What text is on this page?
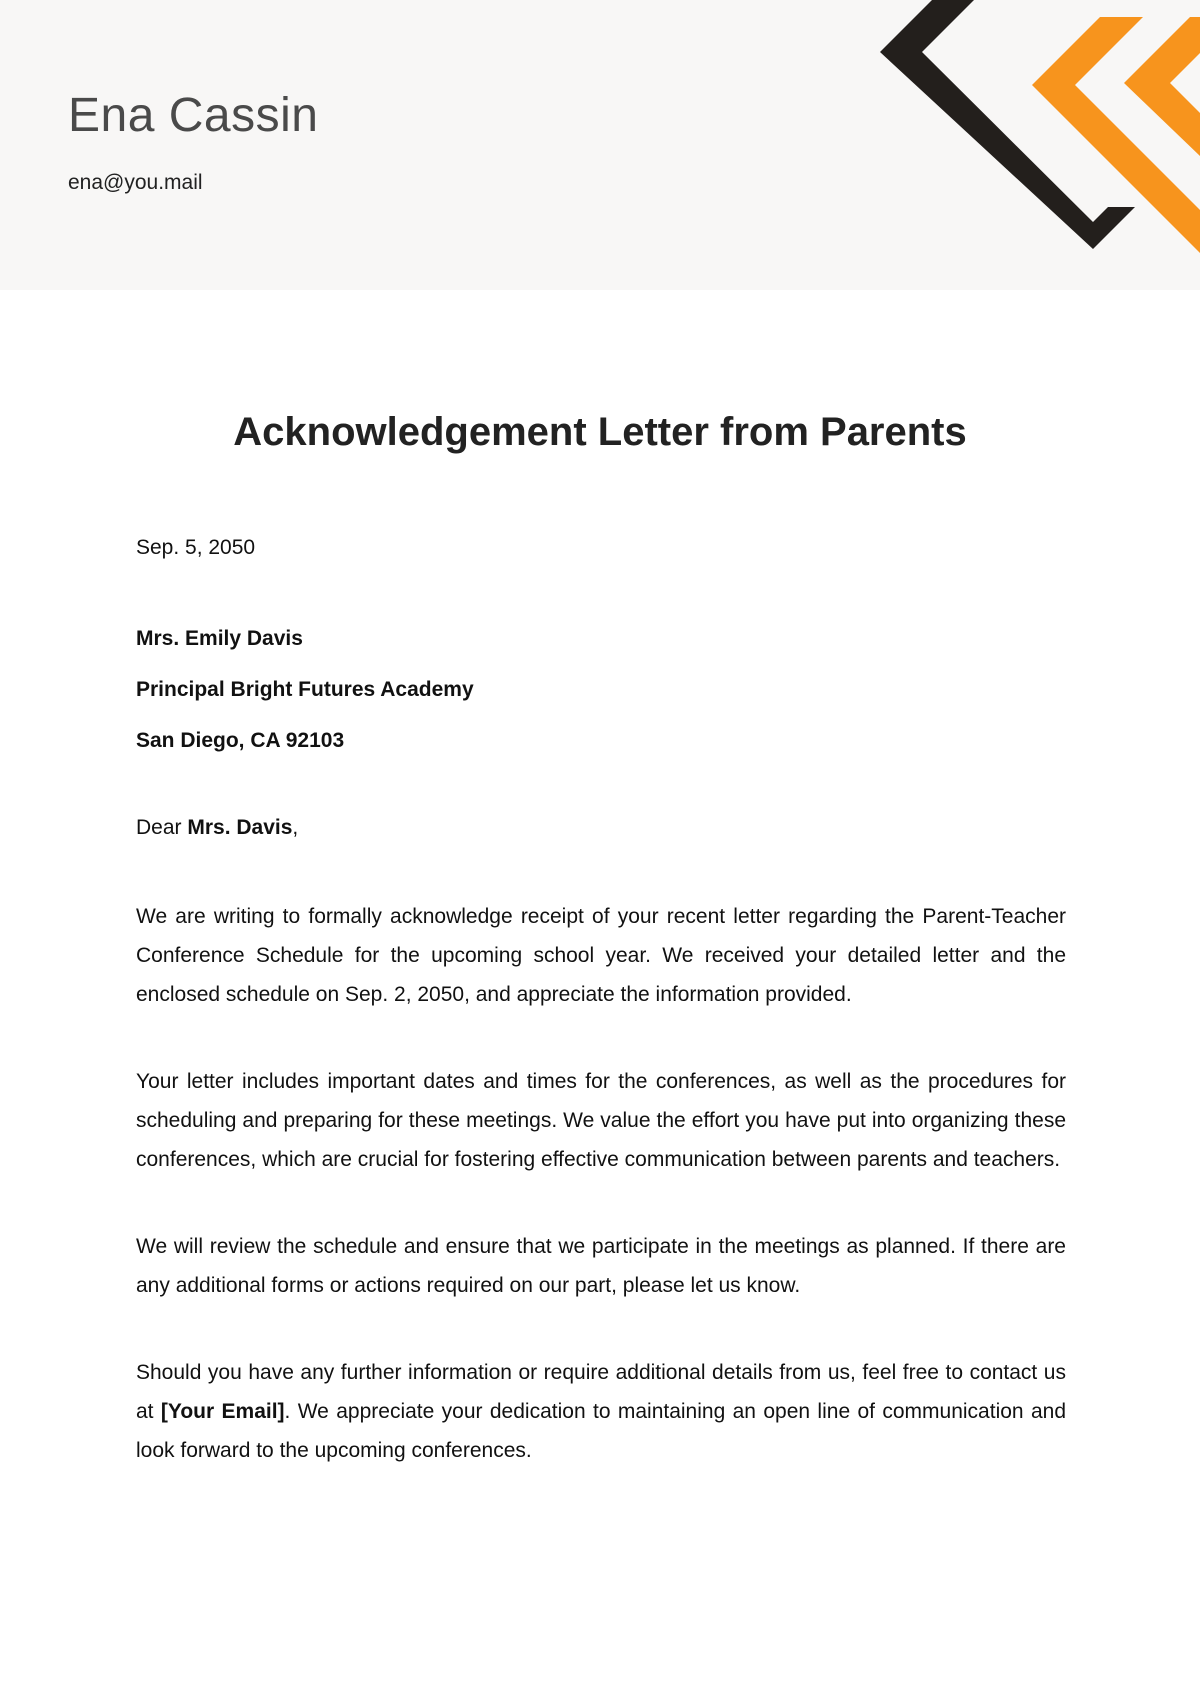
Ena Cassin
ena@you.mail
Acknowledgement Letter from Parents

Sep. 5, 2050

Mrs. Emily Davis

Principal Bright Futures Academy

San Diego, CA 92103

Dear Mrs. Davis,

We are writing to formally acknowledge receipt of your recent letter regarding the Parent-Teacher Conference Schedule for the upcoming school year. We received your detailed letter and the enclosed schedule on Sep. 2, 2050, and appreciate the information provided.

Your letter includes important dates and times for the conferences, as well as the procedures for scheduling and preparing for these meetings. We value the effort you have put into organizing these conferences, which are crucial for fostering effective communication between parents and teachers.

We will review the schedule and ensure that we participate in the meetings as planned. If there are any additional forms or actions required on our part, please let us know.

Should you have any further information or require additional details from us, feel free to contact us at [Your Email]. We appreciate your dedication to maintaining an open line of communication and look forward to the upcoming conferences.
